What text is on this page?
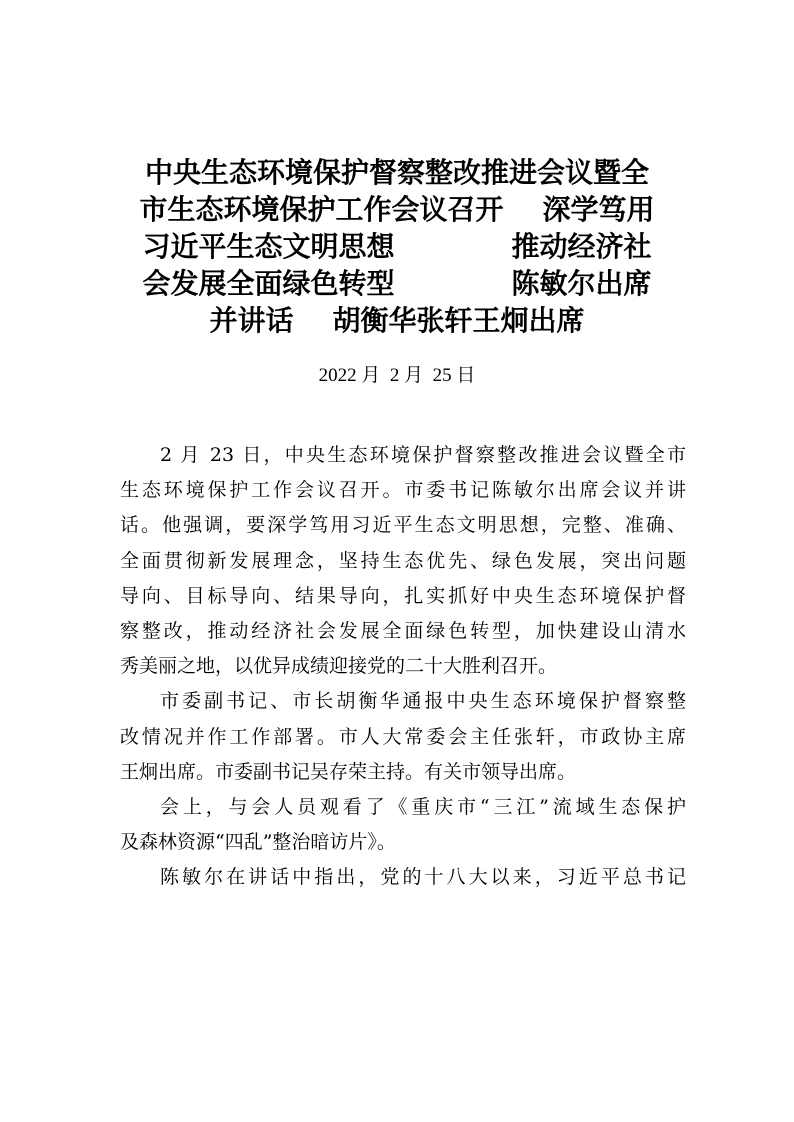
中央生态环境保护督察整改推进会议暨全
市生态环境保护工作会议召开    深学笃用
习近平生态文明思想            推动经济社
会发展全面绿色转型            陈敏尔出席
并讲话    胡衡华张轩王炯出席
2022 月  2 月  25 日
2 月 23 日，中央生态环境保护督察整改推进会议暨全市
生态环境保护工作会议召开。市委书记陈敏尔出席会议并讲
话。他强调，要深学笃用习近平生态文明思想，完整、准确、
全面贯彻新发展理念，坚持生态优先、绿色发展，突出问题
导向、目标导向、结果导向，扎实抓好中央生态环境保护督
察整改，推动经济社会发展全面绿色转型，加快建设山清水
秀美丽之地，以优异成绩迎接党的二十大胜利召开。
市委副书记、市长胡衡华通报中央生态环境保护督察整
改情况并作工作部署。市人大常委会主任张轩，市政协主席
王炯出席。市委副书记吴存荣主持。有关市领导出席。
会上，与会人员观看了《重庆市“三江”流域生态保护
及森林资源“四乱”整治暗访片》。
陈敏尔在讲话中指出，党的十八大以来，习近平总书记
